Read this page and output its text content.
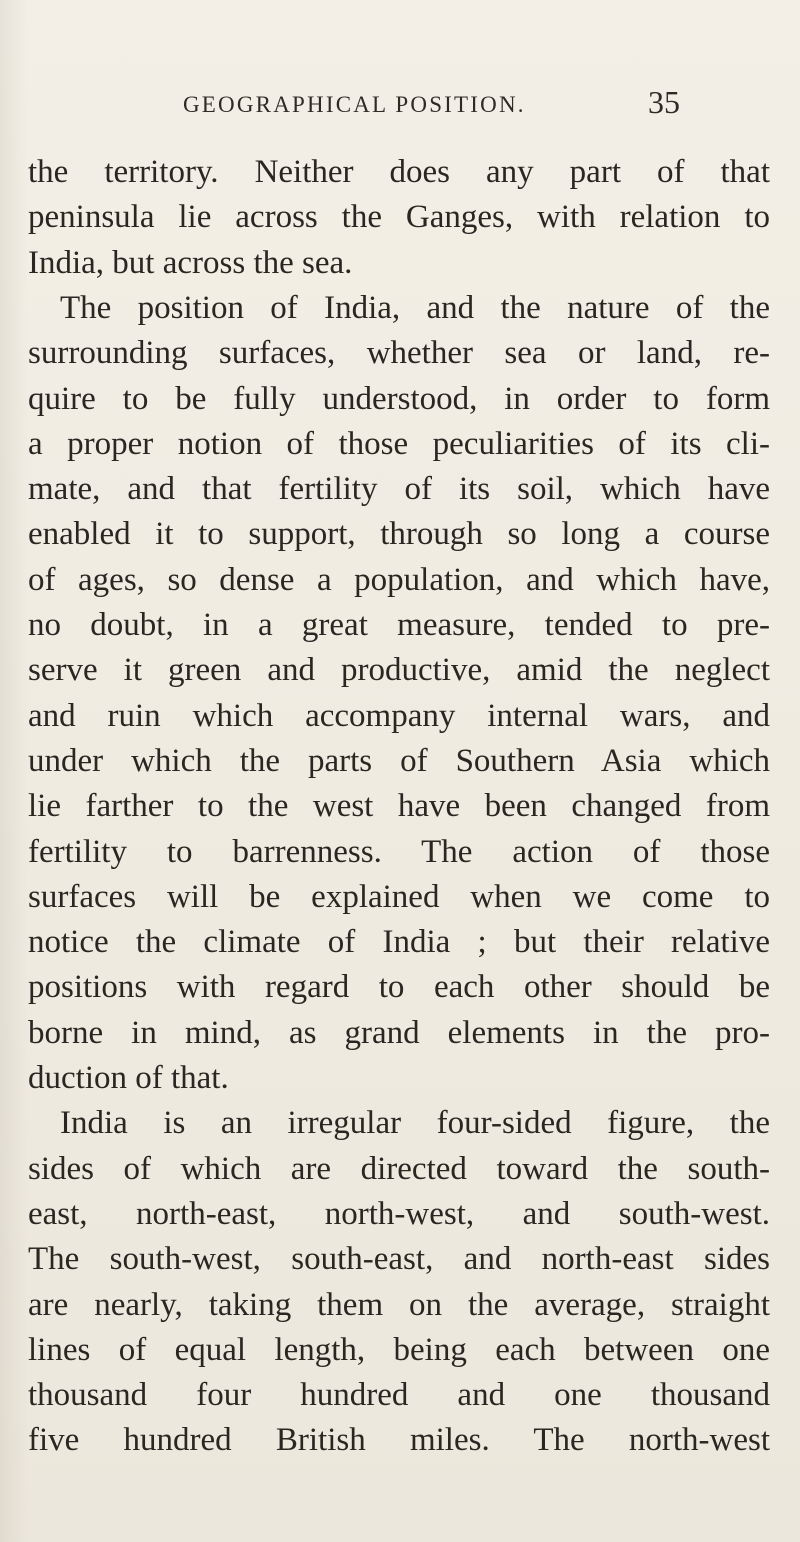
GEOGRAPHICAL POSITION.	35
the territory. Neither does any part of that
peninsula lie across the Ganges, with relation to
India, but across the sea.
The position of India, and the nature of the
surrounding surfaces, whether sea or land, re-
quire to be fully understood, in order to form
a proper notion of those peculiarities of its cli-
mate, and that fertility of its soil, which have
enabled it to support, through so long a course
of ages, so dense a population, and which have,
no doubt, in a great measure, tended to pre-
serve it green and productive, amid the neglect
and ruin which accompany internal wars, and
under which the parts of Southern Asia which
lie farther to the west have been changed from
fertility to barrenness. The action of those
surfaces will be explained when we come to
notice the climate of India ; but their relative
positions with regard to each other should be
borne in mind, as grand elements in the pro-
duction of that.
India is an irregular four-sided figure, the
sides of which are directed toward the south-
east, north-east, north-west, and south-west.
The south-west, south-east, and north-east sides
are nearly, taking them on the average, straight
lines of equal length, being each between one
thousand four hundred and one thousand
five hundred British miles. The north-west
